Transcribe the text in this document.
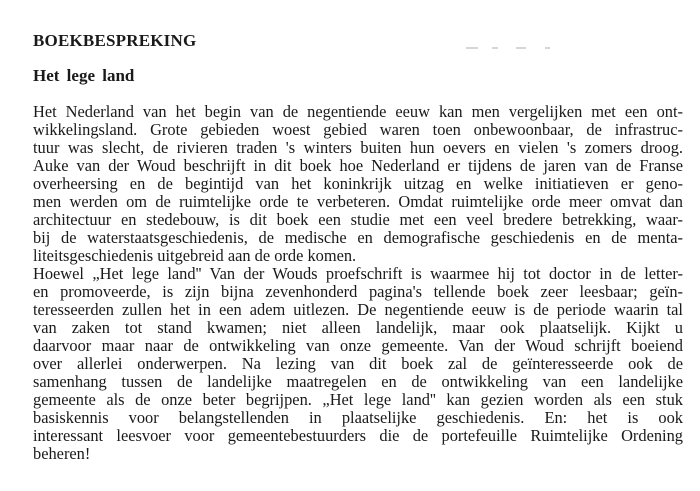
BOEKBESPREKING
Het lege land
Het Nederland van het begin van de negentiende eeuw kan men vergelijken met een ont-
wikkelingsland. Grote gebieden woest gebied waren toen onbewoonbaar, de infrastruc-
tuur was slecht, de rivieren traden 's winters buiten hun oevers en vielen 's zomers droog.
Auke van der Woud beschrijft in dit boek hoe Nederland er tijdens de jaren van de Franse
overheersing en de begintijd van het koninkrijk uitzag en welke initiatieven er geno-
men werden om de ruimtelijke orde te verbeteren. Omdat ruimtelijke orde meer omvat dan
architectuur en stedebouw, is dit boek een studie met een veel bredere betrekking, waar-
bij de waterstaatsgeschiedenis, de medische en demografische geschiedenis en de menta-
liteitsgeschiedenis uitgebreid aan de orde komen.
Hoewel „Het lege land'' Van der Wouds proefschrift is waarmee hij tot doctor in de letter-
en promoveerde, is zijn bijna zevenhonderd pagina's tellende boek zeer leesbaar; geïn-
teresseerden zullen het in een adem uitlezen. De negentiende eeuw is de periode waarin tal
van zaken tot stand kwamen; niet alleen landelijk, maar ook plaatselijk. Kijkt u
daarvoor maar naar de ontwikkeling van onze gemeente. Van der Woud schrijft boeiend
over allerlei onderwerpen. Na lezing van dit boek zal de geïnteresseerde ook de
samenhang tussen de landelijke maatregelen en de ontwikkeling van een landelijke
gemeente als de onze beter begrijpen. „Het lege land'' kan gezien worden als een stuk
basiskennis voor belangstellenden in plaatselijke geschiedenis. En: het is ook
interessant leesvoer voor gemeentebestuurders die de portefeuille Ruimtelijke Ordening
beheren!
